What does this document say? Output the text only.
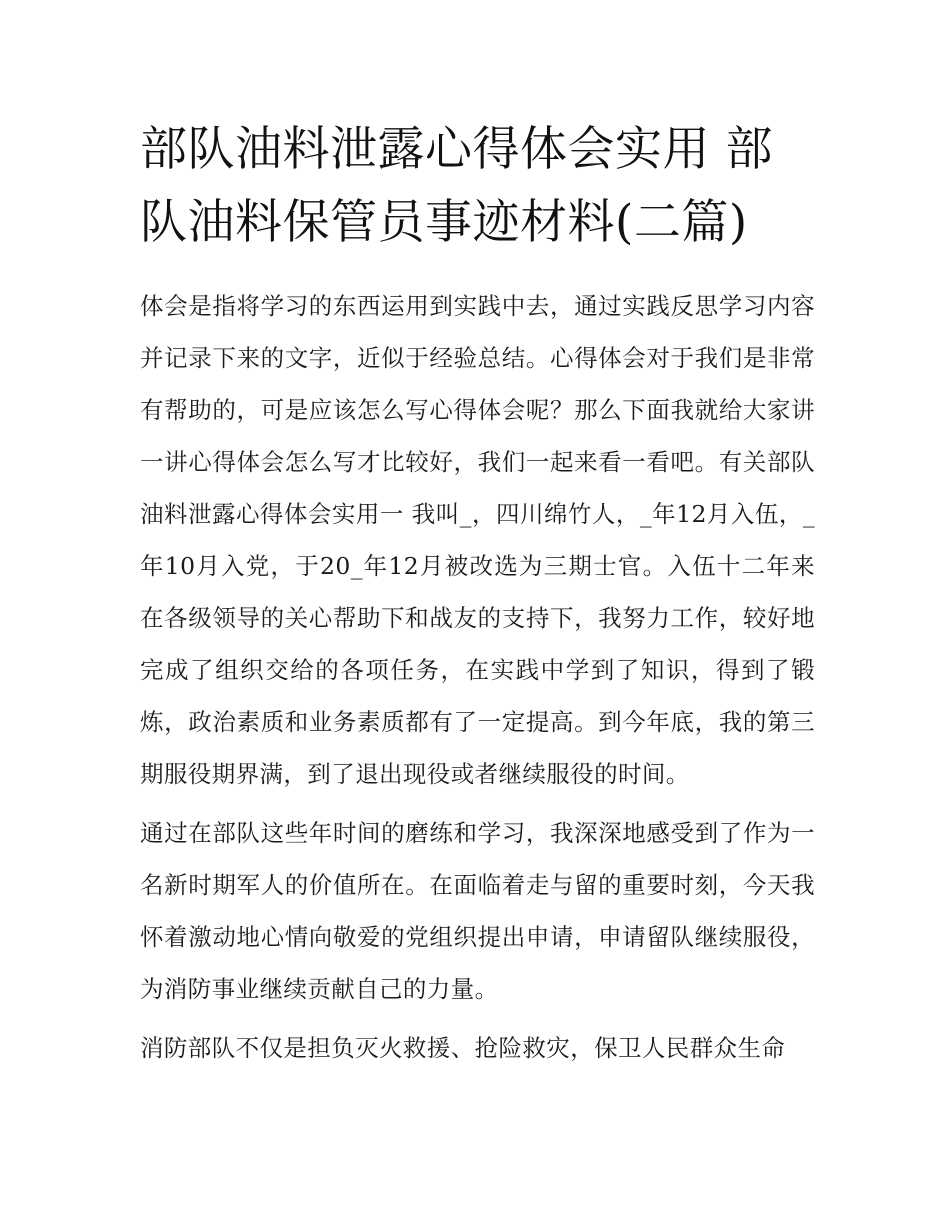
部队油料泄露心得体会实用 部队油料保管员事迹材料(二篇)

体会是指将学习的东西运用到实践中去，通过实践反思学习内容并记录下来的文字，近似于经验总结。心得体会对于我们是非常有帮助的，可是应该怎么写心得体会呢？那么下面我就给大家讲一讲心得体会怎么写才比较好，我们一起来看一看吧。有关部队油料泄露心得体会实用一 我叫_，四川绵竹人，_年12月入伍，_年10月入党，于20_年12月被改选为三期士官。入伍十二年来在各级领导的关心帮助下和战友的支持下，我努力工作，较好地完成了组织交给的各项任务，在实践中学到了知识，得到了锻炼，政治素质和业务素质都有了一定提高。到今年底，我的第三期服役期界满，到了退出现役或者继续服役的时间。

通过在部队这些年时间的磨练和学习，我深深地感受到了作为一名新时期军人的价值所在。在面临着走与留的重要时刻，今天我怀着激动地心情向敬爱的党组织提出申请，申请留队继续服役，为消防事业继续贡献自己的力量。

消防部队不仅是担负灭火救援、抢险救灾，保卫人民群众生命
